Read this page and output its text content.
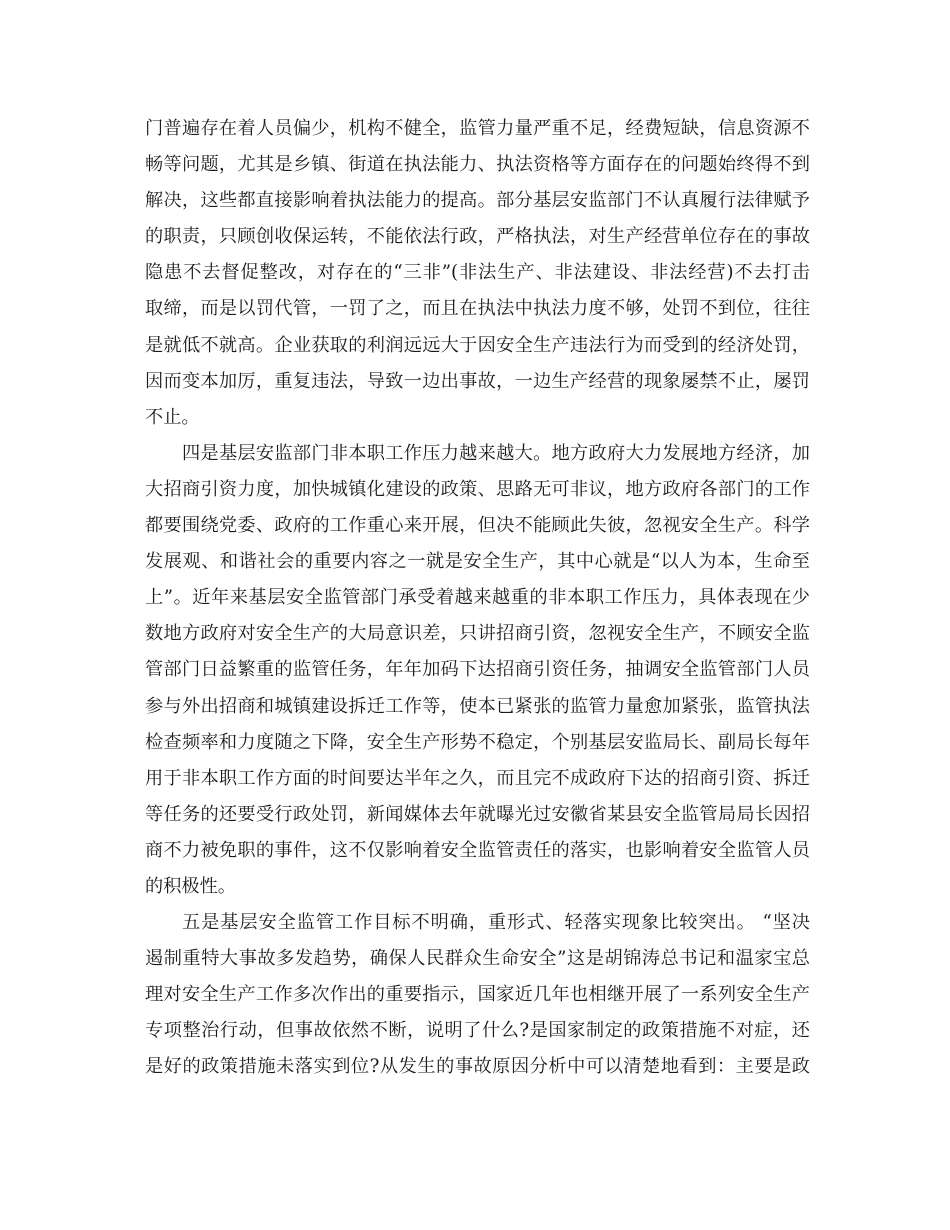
门普遍存在着人员偏少，机构不健全，监管力量严重不足，经费短缺，信息资源不
畅等问题，尤其是乡镇、街道在执法能力、执法资格等方面存在的问题始终得不到
解决，这些都直接影响着执法能力的提高。部分基层安监部门不认真履行法律赋予
的职责，只顾创收保运转，不能依法行政，严格执法，对生产经营单位存在的事故
隐患不去督促整改，对存在的“三非”(非法生产、非法建设、非法经营)不去打击
取缔，而是以罚代管，一罚了之，而且在执法中执法力度不够，处罚不到位，往往
是就低不就高。企业获取的利润远远大于因安全生产违法行为而受到的经济处罚，
因而变本加厉，重复违法，导致一边出事故，一边生产经营的现象屡禁不止，屡罚
不止。
四是基层安监部门非本职工作压力越来越大。地方政府大力发展地方经济，加
大招商引资力度，加快城镇化建设的政策、思路无可非议，地方政府各部门的工作
都要围绕党委、政府的工作重心来开展，但决不能顾此失彼，忽视安全生产。科学
发展观、和谐社会的重要内容之一就是安全生产，其中心就是“以人为本，生命至
上”。近年来基层安全监管部门承受着越来越重的非本职工作压力，具体表现在少
数地方政府对安全生产的大局意识差，只讲招商引资，忽视安全生产，不顾安全监
管部门日益繁重的监管任务，年年加码下达招商引资任务，抽调安全监管部门人员
参与外出招商和城镇建设拆迁工作等，使本已紧张的监管力量愈加紧张，监管执法
检查频率和力度随之下降，安全生产形势不稳定，个别基层安监局长、副局长每年
用于非本职工作方面的时间要达半年之久，而且完不成政府下达的招商引资、拆迁
等任务的还要受行政处罚，新闻媒体去年就曝光过安徽省某县安全监管局局长因招
商不力被免职的事件，这不仅影响着安全监管责任的落实，也影响着安全监管人员
的积极性。
五是基层安全监管工作目标不明确，重形式、轻落实现象比较突出。 “坚决
遏制重特大事故多发趋势，确保人民群众生命安全”这是胡锦涛总书记和温家宝总
理对安全生产工作多次作出的重要指示，国家近几年也相继开展了一系列安全生产
专项整治行动，但事故依然不断，说明了什么?是国家制定的政策措施不对症，还
是好的政策措施未落实到位?从发生的事故原因分析中可以清楚地看到：主要是政
